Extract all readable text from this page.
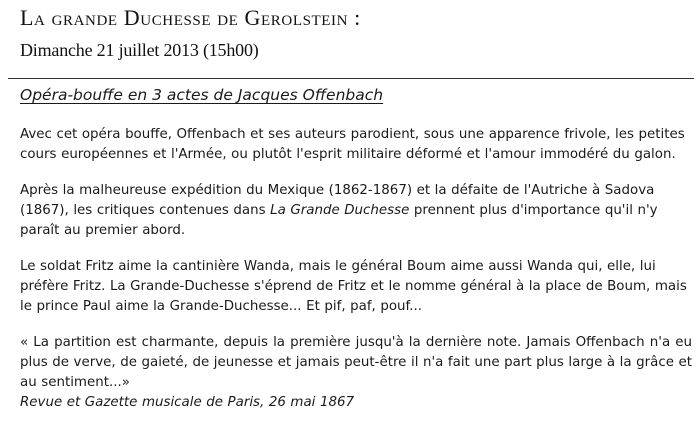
La grande Duchesse de Gerolstein :
Dimanche 21 juillet 2013 (15h00)
Opéra-bouffe en 3 actes de Jacques Offenbach

Avec cet opéra bouffe, Offenbach et ses auteurs parodient, sous une apparence frivole, les petites cours européennes et l'Armée, ou plutôt l'esprit militaire déformé et l'amour immodéré du galon.

Après la malheureuse expédition du Mexique (1862-1867) et la défaite de l'Autriche à Sadova (1867), les critiques contenues dans La Grande Duchesse prennent plus d'importance qu'il n'y paraît au premier abord.

Le soldat Fritz aime la cantinière Wanda, mais le général Boum aime aussi Wanda qui, elle, lui préfère Fritz. La Grande-Duchesse s'éprend de Fritz et le nomme général à la place de Boum, mais le prince Paul aime la Grande-Duchesse... Et pif, paf, pouf...

« La partition est charmante, depuis la première jusqu'à la dernière note. Jamais Offenbach n'a eu plus de verve, de gaieté, de jeunesse et jamais peut-être il n'a fait une part plus large à la grâce et au sentiment...»
Revue et Gazette musicale de Paris, 26 mai 1867
